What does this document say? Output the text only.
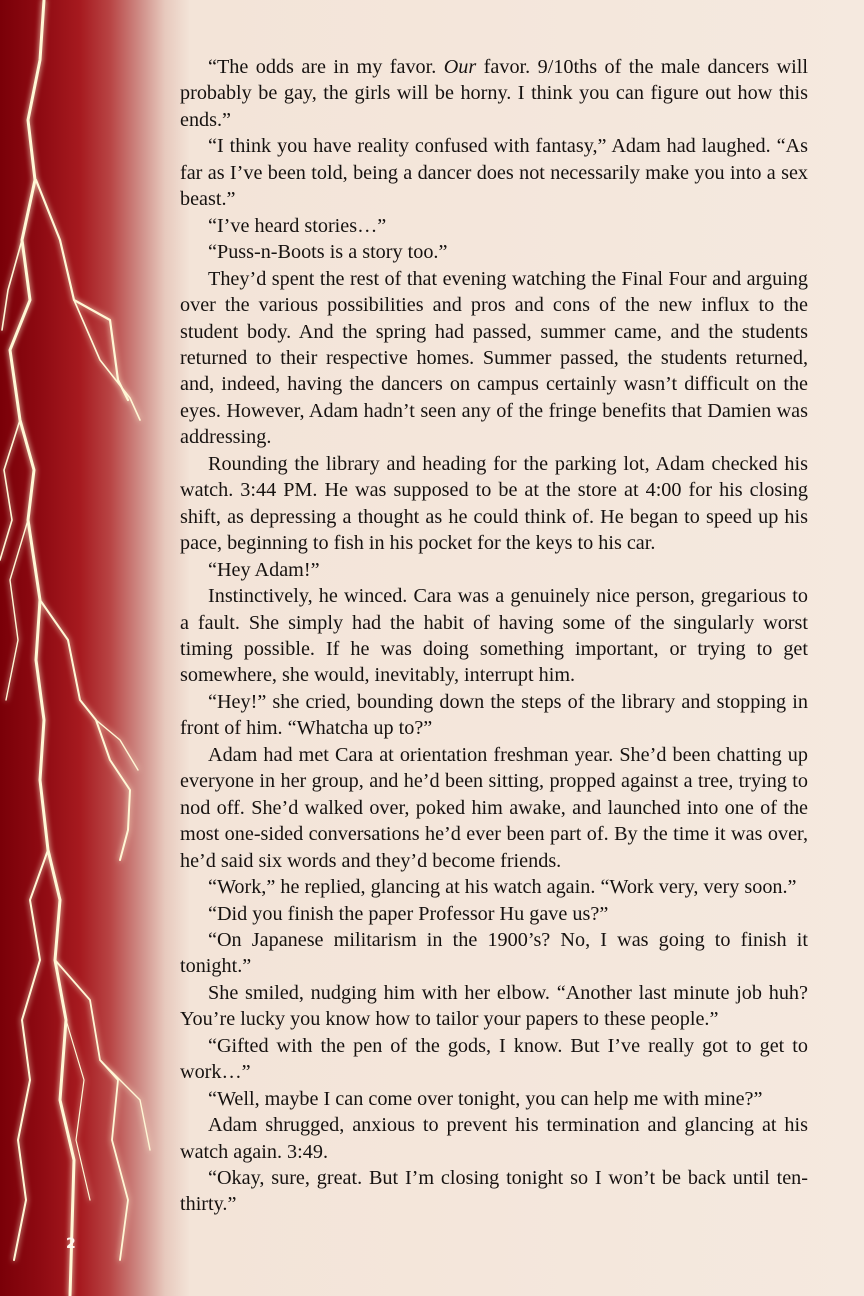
“The odds are in my favor. Our favor. 9/10ths of the male dancers will probably be gay, the girls will be horny. I think you can figure out how this ends.”

“I think you have reality confused with fantasy,” Adam had laughed. “As far as I’ve been told, being a dancer does not necessarily make you into a sex beast.”

“I’ve heard stories…”

“Puss-n-Boots is a story too.”

They’d spent the rest of that evening watching the Final Four and arguing over the various possibilities and pros and cons of the new influx to the student body. And the spring had passed, summer came, and the students returned to their respective homes. Summer passed, the students returned, and, indeed, having the dancers on campus certainly wasn’t difficult on the eyes. However, Adam hadn’t seen any of the fringe benefits that Damien was addressing.

Rounding the library and heading for the parking lot, Adam checked his watch. 3:44 PM. He was supposed to be at the store at 4:00 for his closing shift, as depressing a thought as he could think of. He began to speed up his pace, beginning to fish in his pocket for the keys to his car.

“Hey Adam!”

Instinctively, he winced. Cara was a genuinely nice person, gregarious to a fault. She simply had the habit of having some of the singularly worst timing possible. If he was doing something important, or trying to get somewhere, she would, inevitably, interrupt him.

“Hey!” she cried, bounding down the steps of the library and stopping in front of him. “Whatcha up to?”

Adam had met Cara at orientation freshman year. She’d been chatting up everyone in her group, and he’d been sitting, propped against a tree, trying to nod off. She’d walked over, poked him awake, and launched into one of the most one-sided conversations he’d ever been part of. By the time it was over, he’d said six words and they’d become friends.

“Work,” he replied, glancing at his watch again. “Work very, very soon.”

“Did you finish the paper Professor Hu gave us?”

“On Japanese militarism in the 1900’s? No, I was going to finish it tonight.”

She smiled, nudging him with her elbow. “Another last minute job huh? You’re lucky you know how to tailor your papers to these people.”

“Gifted with the pen of the gods, I know. But I’ve really got to get to work…”

“Well, maybe I can come over tonight, you can help me with mine?”

Adam shrugged, anxious to prevent his termination and glancing at his watch again. 3:49.

“Okay, sure, great. But I’m closing tonight so I won’t be back until ten-thirty.”

2
